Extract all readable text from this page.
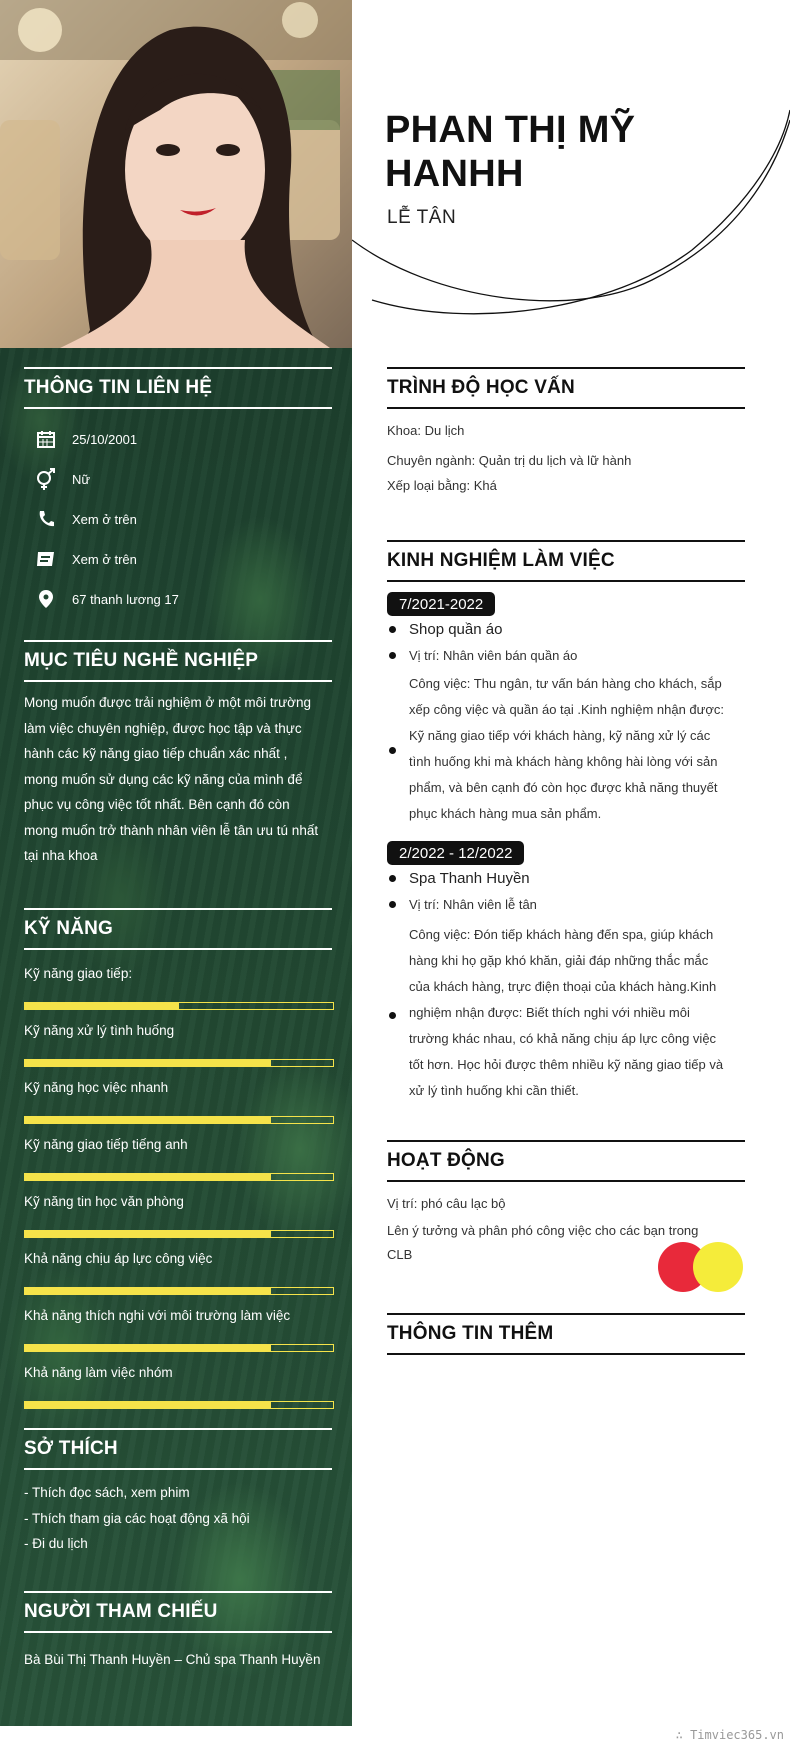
THÔNG TIN LIÊN HỆ
25/10/2001
Nữ
Xem ở trên
Xem ở trên
67 thanh lương 17
MỤC TIÊU NGHỀ NGHIỆP
Mong muốn được trải nghiệm ở một môi trường
làm việc chuyên nghiệp, được học tập và thực
hành các kỹ năng giao tiếp chuẩn xác nhất ,
mong muốn sử dụng các kỹ năng của mình để
phục vụ công việc tốt nhất. Bên cạnh đó còn
mong muốn trở thành nhân viên lễ tân ưu tú nhất
tại nha khoa
KỸ NĂNG
Kỹ năng giao tiếp:
Kỹ năng xử lý tình huống
Kỹ năng học việc nhanh
Kỹ năng giao tiếp tiếng anh
Kỹ năng tin học văn phòng
Khả năng chịu áp lực công việc
Khả năng thích nghi với môi trường làm việc
Khả năng làm việc nhóm
SỞ THÍCH
- Thích đọc sách, xem phim
- Thích tham gia các hoạt động xã hội
- Đi du lịch
NGƯỜI THAM CHIẾU
Bà Bùi Thị Thanh Huyền – Chủ spa Thanh Huyền
PHAN THỊ MỸ
HANHH
LỄ TÂN
TRÌNH ĐỘ HỌC VẤN
Khoa: Du lịch
Chuyên ngành: Quản trị du lịch và lữ hành
Xếp loại bằng: Khá
KINH NGHIỆM LÀM VIỆC
7/2021-2022
Shop quần áo
Vị trí: Nhân viên bán quần áo
Công việc: Thu ngân, tư vấn bán hàng cho khách, sắp
xếp công việc và quần áo tại .Kinh nghiệm nhận được:
Kỹ năng giao tiếp với khách hàng, kỹ năng xử lý các
tình huống khi mà khách hàng không hài lòng với sản
phẩm, và bên cạnh đó còn học được khả năng thuyết
phục khách hàng mua sản phẩm.
2/2022 - 12/2022
Spa Thanh Huyền
Vị trí: Nhân viên lễ tân
Công việc: Đón tiếp khách hàng đến spa, giúp khách
hàng khi họ gặp khó khăn, giải đáp những thắc mắc
của khách hàng, trực điện thoại của khách hàng.Kinh
nghiệm nhận được: Biết thích nghi với nhiều môi
trường khác nhau, có khả năng chịu áp lực công việc
tốt hơn. Học hỏi được thêm nhiều kỹ năng giao tiếp và
xử lý tình huống khi cần thiết.
HOẠT ĐỘNG
Vị trí: phó câu lạc bộ
Lên ý tưởng và phân phó công việc cho các bạn trong
CLB
THÔNG TIN THÊM
∴ Timviec365.vn
